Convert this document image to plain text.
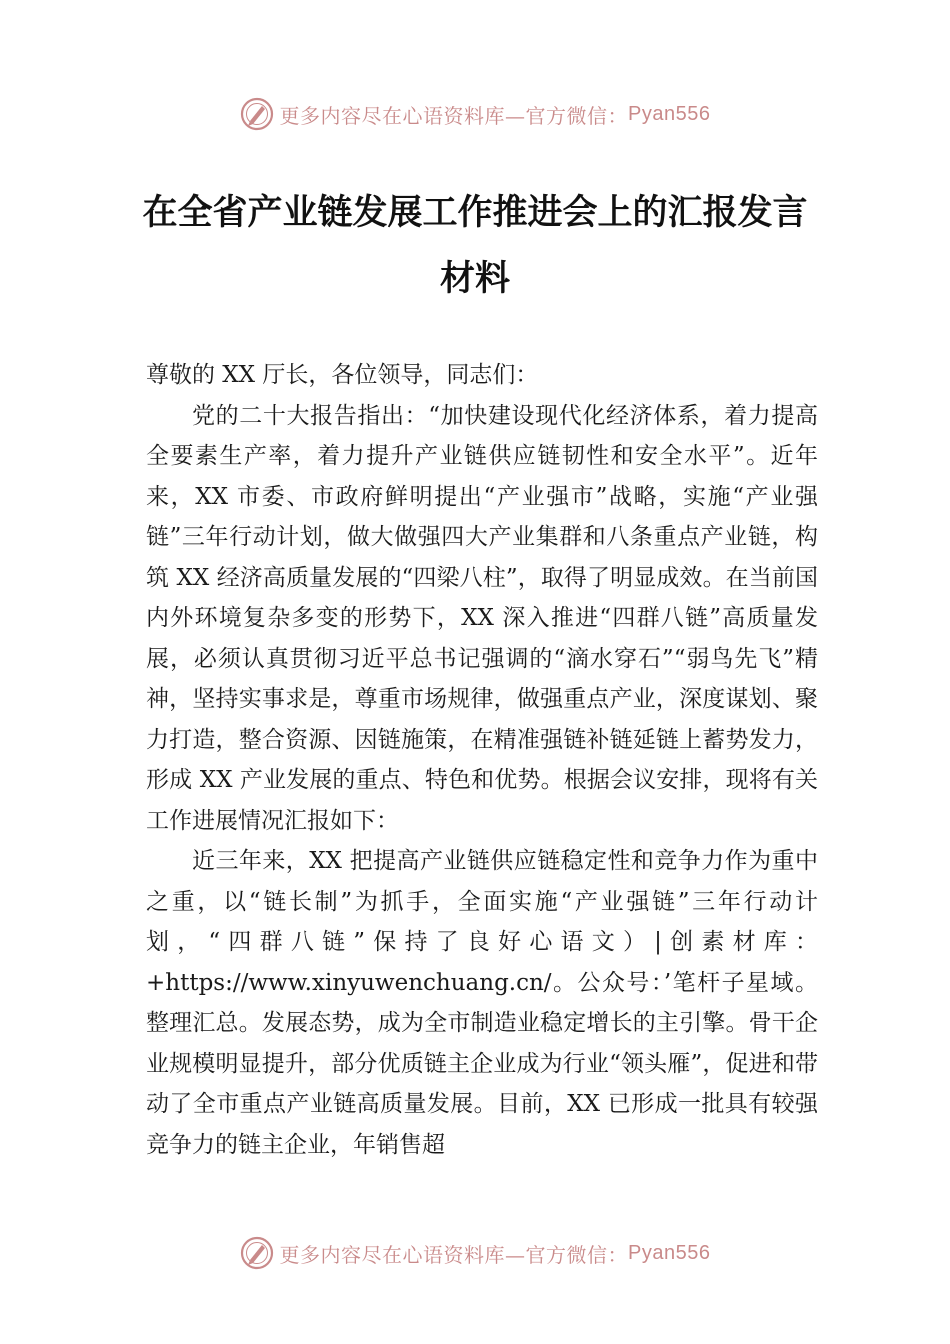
更多内容尽在心语资料库—官方微信： Pyan556
在全省产业链发展工作推进会上的汇报发言材料

尊敬的 XX 厅长，各位领导，同志们：

党的二十大报告指出：“加快建设现代化经济体系，着力提高全要素生产率，着力提升产业链供应链韧性和安全水平”。近年来，XX 市委、市政府鲜明提出“产业强市”战略，实施“产业强链”三年行动计划，做大做强四大产业集群和八条重点产业链，构筑 XX 经济高质量发展的“四梁八柱”，取得了明显成效。在当前国内外环境复杂多变的形势下，XX 深入推进“四群八链”高质量发展，必须认真贯彻习近平总书记强调的“滴水穿石”“弱鸟先飞”精神，坚持实事求是，尊重市场规律，做强重点产业，深度谋划、聚力打造，整合资源、因链施策，在精准强链补链延链上蓄势发力，形成 XX 产业发展的重点、特色和优势。根据会议安排，现将有关工作进展情况汇报如下：

近三年来，XX 把提高产业链供应链稳定性和竞争力作为重中之重，以“链长制”为抓手，全面实施“产业强链”三年行动计划，“四群八链”保持了良好心语文）|创素材库：+https://www.xinyuwenchuang.cn/。公众号：’笔杆子星域。整理汇总。发展态势，成为全市制造业稳定增长的主引擎。骨干企业规模明显提升，部分优质链主企业成为行业“领头雁”，促进和带动了全市重点产业链高质量发展。目前，XX 已形成一批具有较强竞争力的链主企业，年销售超

更多内容尽在心语资料库—官方微信： Pyan556
